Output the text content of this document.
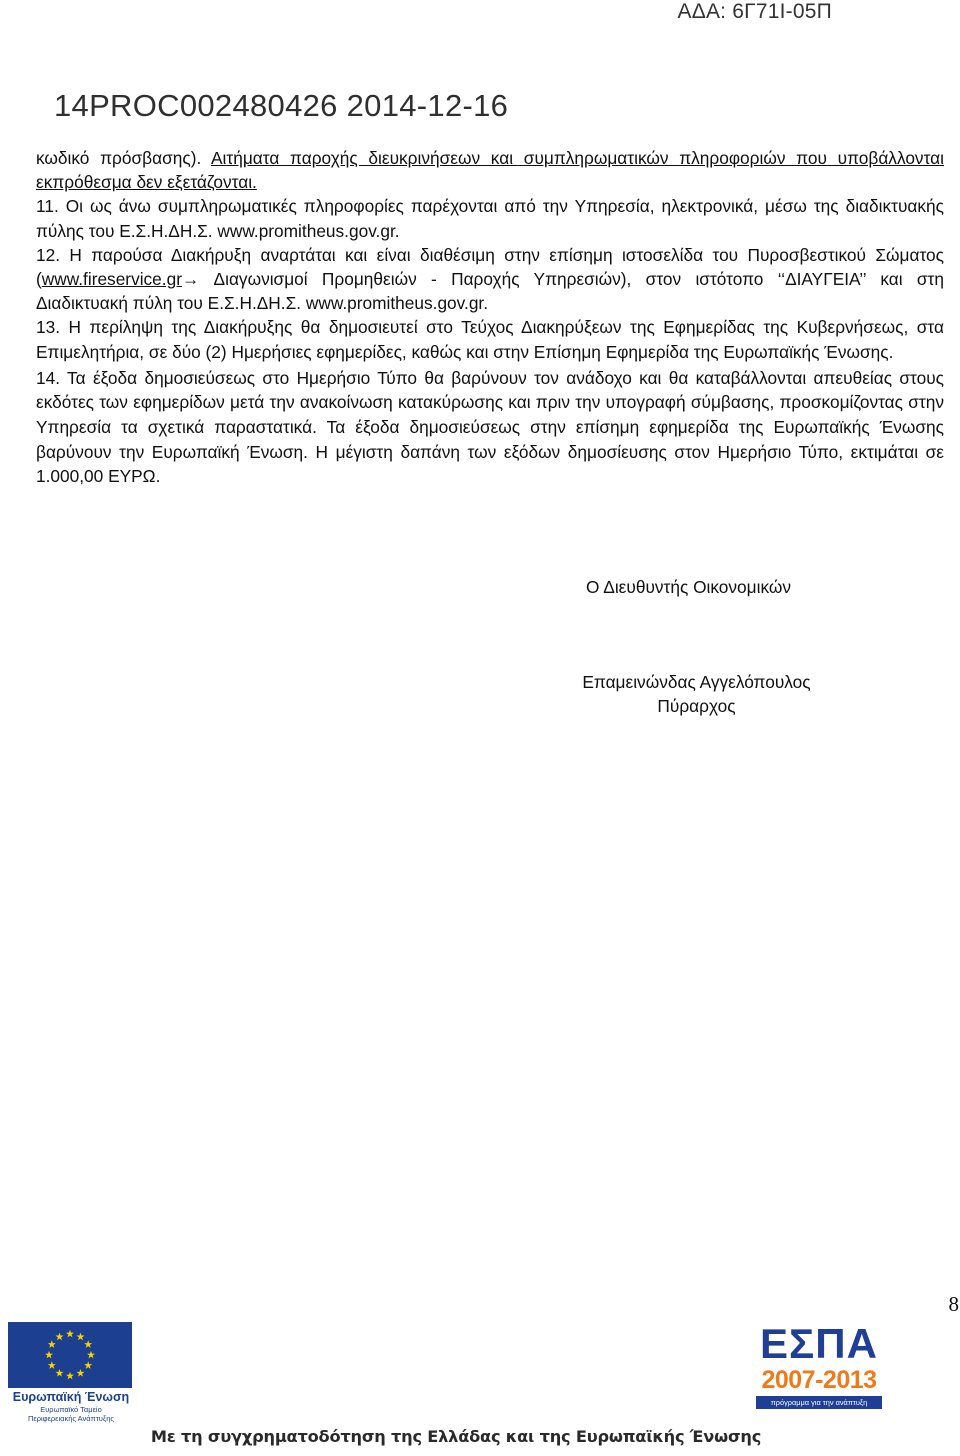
ΑΔΑ: 6Γ71Ι-05Π
14PROC002480426 2014-12-16

κωδικό πρόσβασης). Αιτήματα παροχής διευκρινήσεων και συμπληρωματικών πληροφοριών που υποβάλλονται εκπρόθεσμα δεν εξετάζονται.

11. Οι ως άνω συμπληρωματικές πληροφορίες παρέχονται από την Υπηρεσία, ηλεκτρονικά, μέσω της διαδικτυακής πύλης του Ε.Σ.Η.ΔΗ.Σ. www.promitheus.gov.gr.

12. Η παρούσα Διακήρυξη αναρτάται και είναι διαθέσιμη στην επίσημη ιστοσελίδα του Πυροσβεστικού Σώματος (www.fireservice.gr→ Διαγωνισμοί Προμηθειών - Παροχής Υπηρεσιών), στον ιστότοπο ‘‘ΔΙΑΥΓΕΙΑ’’ και στη Διαδικτυακή πύλη του Ε.Σ.Η.ΔΗ.Σ. www.promitheus.gov.gr.

13. Η περίληψη της Διακήρυξης θα δημοσιευτεί στο Τεύχος Διακηρύξεων της Εφημερίδας της Κυβερνήσεως, στα Επιμελητήρια, σε δύο (2) Ημερήσιες εφημερίδες, καθώς και στην Επίσημη Εφημερίδα της Ευρωπαϊκής Ένωσης.

14. Τα έξοδα δημοσιεύσεως στο Ημερήσιο Τύπο θα βαρύνουν τον ανάδοχο και θα καταβάλλονται απευθείας στους εκδότες των εφημερίδων μετά την ανακοίνωση κατακύρωσης και πριν την υπογραφή σύμβασης, προσκομίζοντας στην Υπηρεσία τα σχετικά παραστατικά. Τα έξοδα δημοσιεύσεως στην επίσημη εφημερίδα της Ευρωπαϊκής Ένωσης βαρύνουν την Ευρωπαϊκή Ένωση. Η μέγιστη δαπάνη των εξόδων δημοσίευσης στον Ημερήσιο Τύπο, εκτιμάται σε 1.000,00 ΕΥΡΩ.

Ο Διευθυντής Οικονομικών
Επαμεινώνδας Αγγελόπουλος
Πύραρχος
8
Ευρωπαϊκή Ένωση
Ευρωπαϊκό Ταμείο
Περιφερειακής Ανάπτυξης
ΕΣΠΑ
2007-2013
πρόγραμμα για την ανάπτυξη
Με τη συγχρηματοδότηση της Ελλάδας και της Ευρωπαϊκής Ένωσης
